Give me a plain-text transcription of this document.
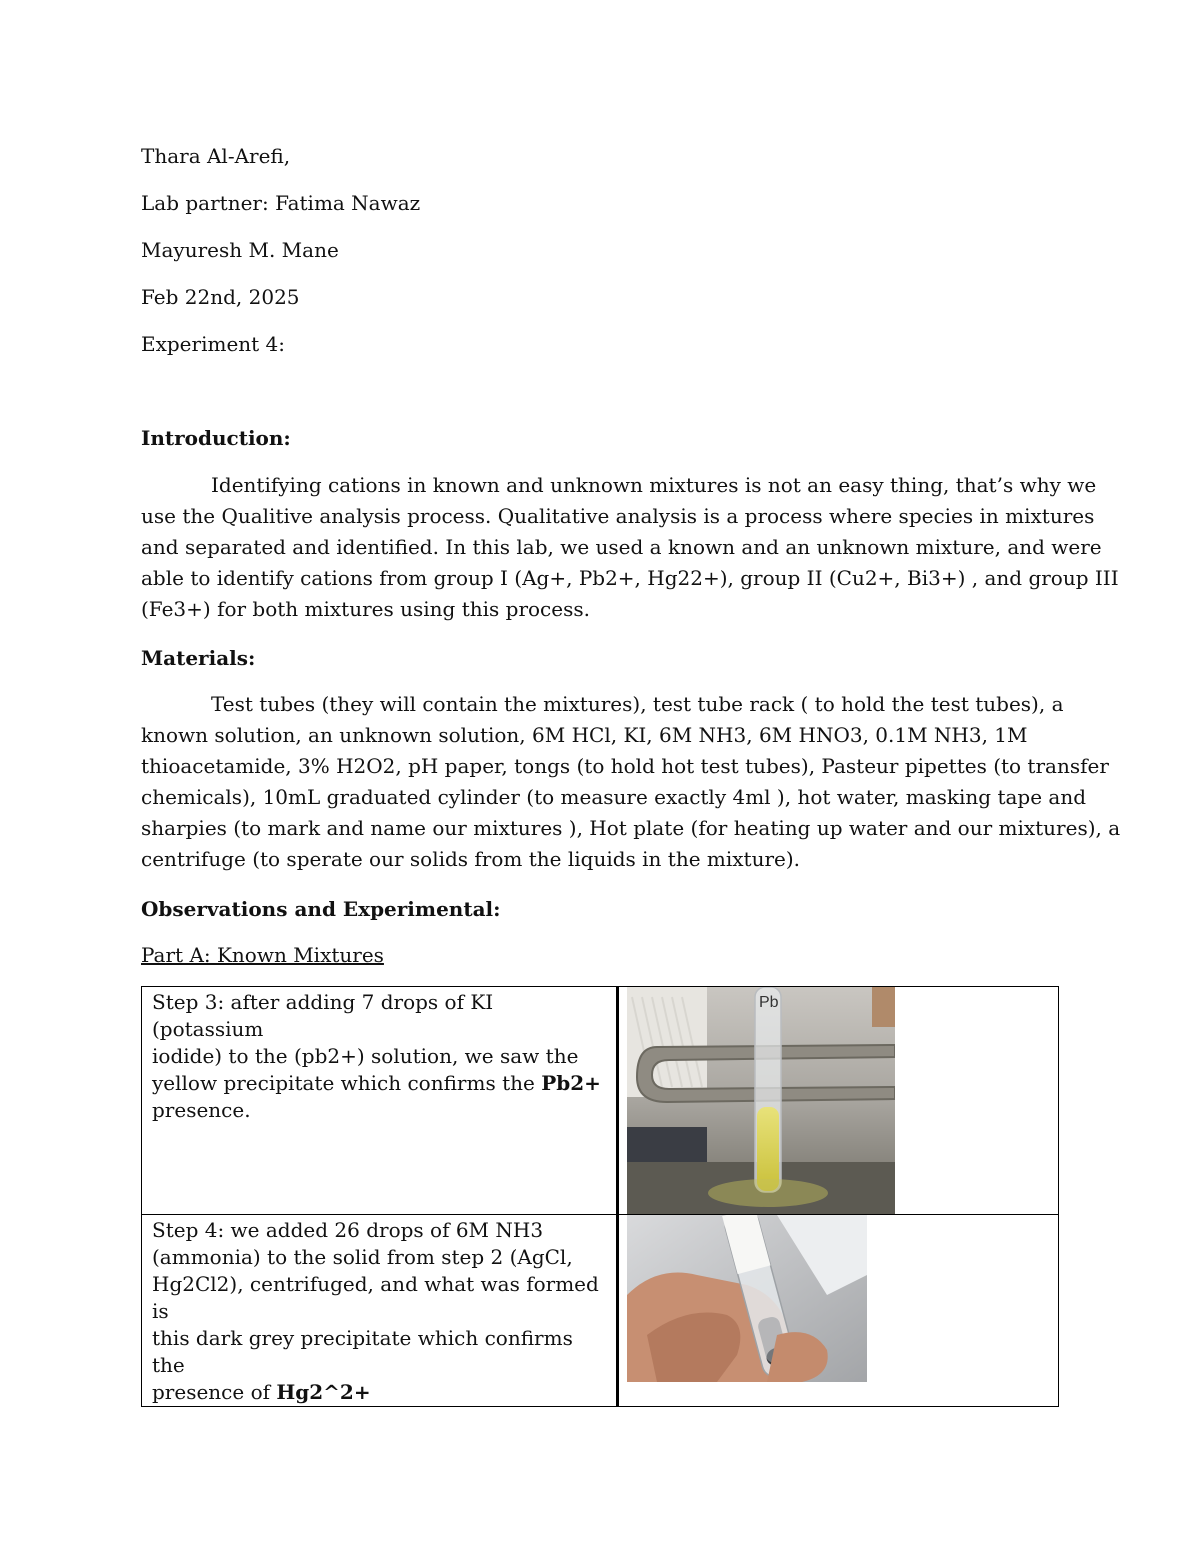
Thara Al-Arefi,
Lab partner: Fatima Nawaz
Mayuresh M. Mane
Feb 22nd, 2025
Experiment 4:
Introduction:
Identifying cations in known and unknown mixtures is not an easy thing, that’s why we
use the Qualitive analysis process. Qualitative analysis is a process where species in mixtures
and separated and identified. In this lab, we used a known and an unknown mixture, and were
able to identify cations from group I (Ag+, Pb2+, Hg22+), group II (Cu2+, Bi3+) , and group III
(Fe3+) for both mixtures using this process.
Materials:
Test tubes (they will contain the mixtures), test tube rack ( to hold the test tubes), a
known solution, an unknown solution, 6M HCl, KI, 6M NH3, 6M HNO3, 0.1M NH3, 1M
thioacetamide, 3% H2O2, pH paper, tongs (to hold hot test tubes), Pasteur pipettes (to transfer
chemicals), 10mL graduated cylinder (to measure exactly 4ml ), hot water, masking tape and
sharpies (to mark and name our mixtures ), Hot plate (for heating up water and our mixtures), a
centrifuge (to sperate our solids from the liquids in the mixture).
Observations and Experimental:
Part A: Known Mixtures
Step 3: after adding 7 drops of KI (potassium
iodide) to the (pb2+) solution, we saw the
yellow precipitate which confirms the Pb2+
presence.	Pb

Step 4: we added 26 drops of 6M NH3
(ammonia) to the solid from step 2 (AgCl,
Hg2Cl2), centrifuged, and what was formed is
this dark grey precipitate which confirms the
presence of Hg2^2+	
